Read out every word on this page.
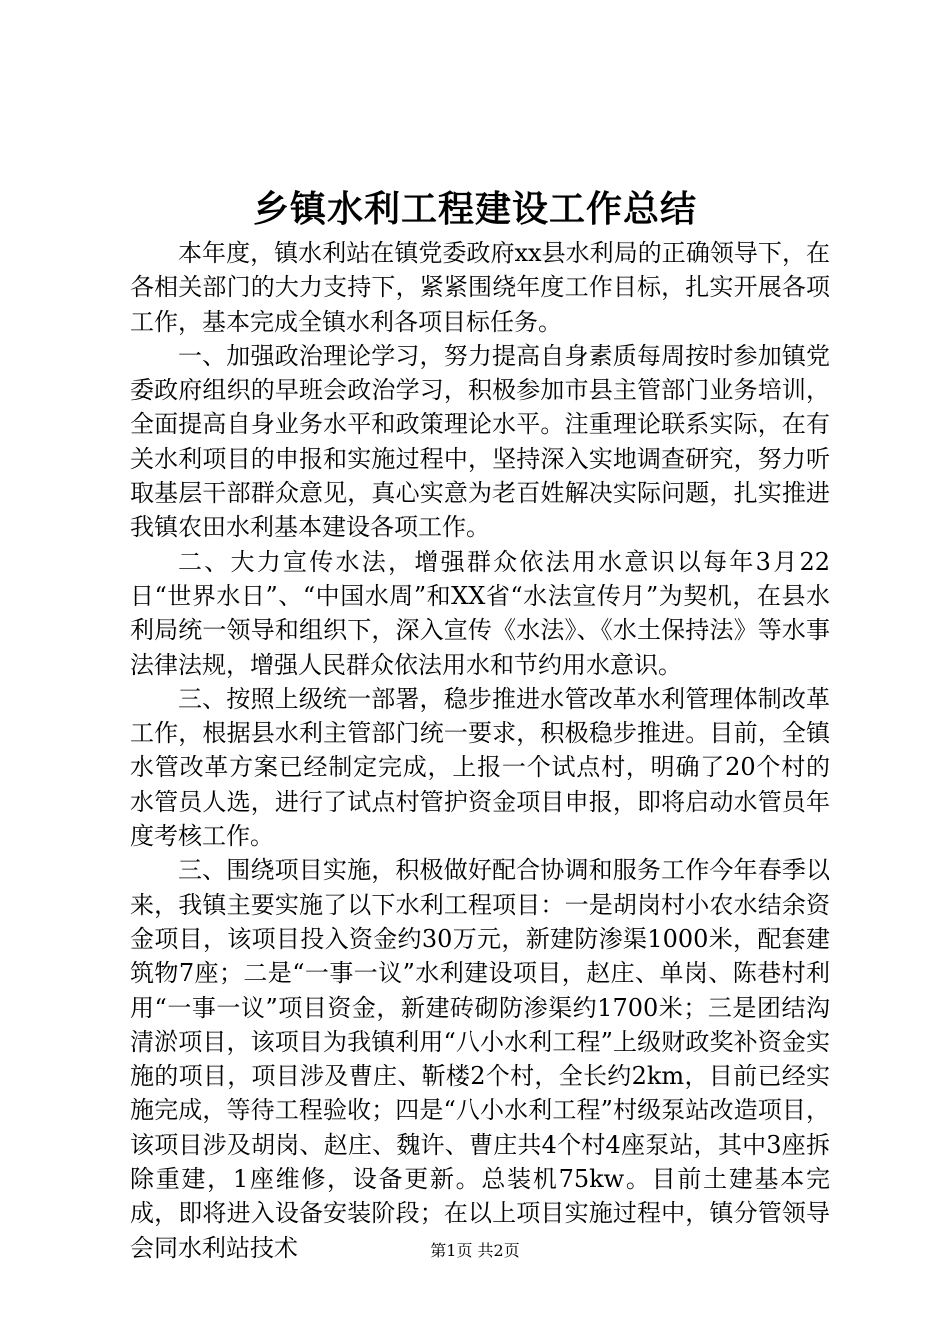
乡镇水利工程建设工作总结

本年度，镇水利站在镇党委政府xx县水利局的正确领导下，在各相关部门的大力支持下，紧紧围绕年度工作目标，扎实开展各项工作，基本完成全镇水利各项目标任务。

一、加强政治理论学习，努力提高自身素质每周按时参加镇党委政府组织的早班会政治学习，积极参加市县主管部门业务培训，全面提高自身业务水平和政策理论水平。注重理论联系实际，在有关水利项目的申报和实施过程中，坚持深入实地调查研究，努力听取基层干部群众意见，真心实意为老百姓解决实际问题，扎实推进我镇农田水利基本建设各项工作。

二、大力宣传水法，增强群众依法用水意识以每年3月22日“世界水日”、“中国水周”和XX省“水法宣传月”为契机，在县水利局统一领导和组织下，深入宣传《水法》、《水土保持法》等水事法律法规，增强人民群众依法用水和节约用水意识。

三、按照上级统一部署，稳步推进水管改革水利管理体制改革工作，根据县水利主管部门统一要求，积极稳步推进。目前，全镇水管改革方案已经制定完成，上报一个试点村，明确了20个村的水管员人选，进行了试点村管护资金项目申报，即将启动水管员年度考核工作。

三、围绕项目实施，积极做好配合协调和服务工作今年春季以来，我镇主要实施了以下水利工程项目：一是胡岗村小农水结余资金项目，该项目投入资金约30万元，新建防渗渠1000米，配套建筑物7座；二是“一事一议”水利建设项目，赵庄、单岗、陈巷村利用“一事一议”项目资金，新建砖砌防渗渠约1700米；三是团结沟清淤项目，该项目为我镇利用“八小水利工程”上级财政奖补资金实施的项目，项目涉及曹庄、靳楼2个村，全长约2km，目前已经实施完成，等待工程验收；四是“八小水利工程”村级泵站改造项目，该项目涉及胡岗、赵庄、魏许、曹庄共4个村4座泵站，其中3座拆除重建，1座维修，设备更新。总装机75kw。目前土建基本完成，即将进入设备安装阶段；在以上项目实施过程中，镇分管领导会同水利站技术	第1页 共2页
